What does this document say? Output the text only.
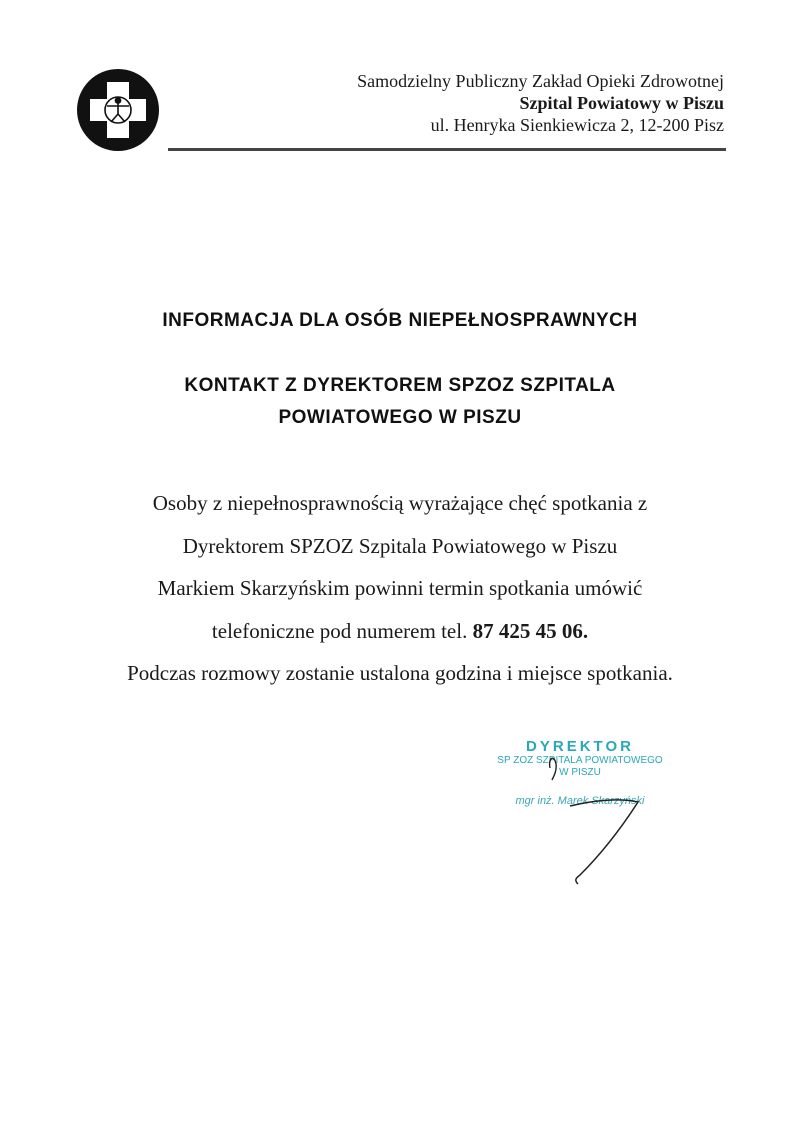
Samodzielny Publiczny Zakład Opieki Zdrowotnej
Szpital Powiatowy w Piszu
ul. Henryka Sienkiewicza 2, 12-200 Pisz
INFORMACJA DLA OSÓB NIEPEŁNOSPRAWNYCH
KONTAKT Z DYREKTOREM SPZOZ SZPITALA
POWIATOWEGO W PISZU
Osoby z niepełnosprawnością wyrażające chęć spotkania z
Dyrektorem SPZOZ Szpitala Powiatowego w Piszu
Markiem Skarzyńskim powinni termin spotkania umówić
telefoniczne pod numerem tel. 87 425 45 06.
Podczas rozmowy zostanie ustalona godzina i miejsce spotkania.
DYREKTOR
SP ZOZ SZPITALA POWIATOWEGO
W PISZU
mgr inż. Marek Skarzyński
